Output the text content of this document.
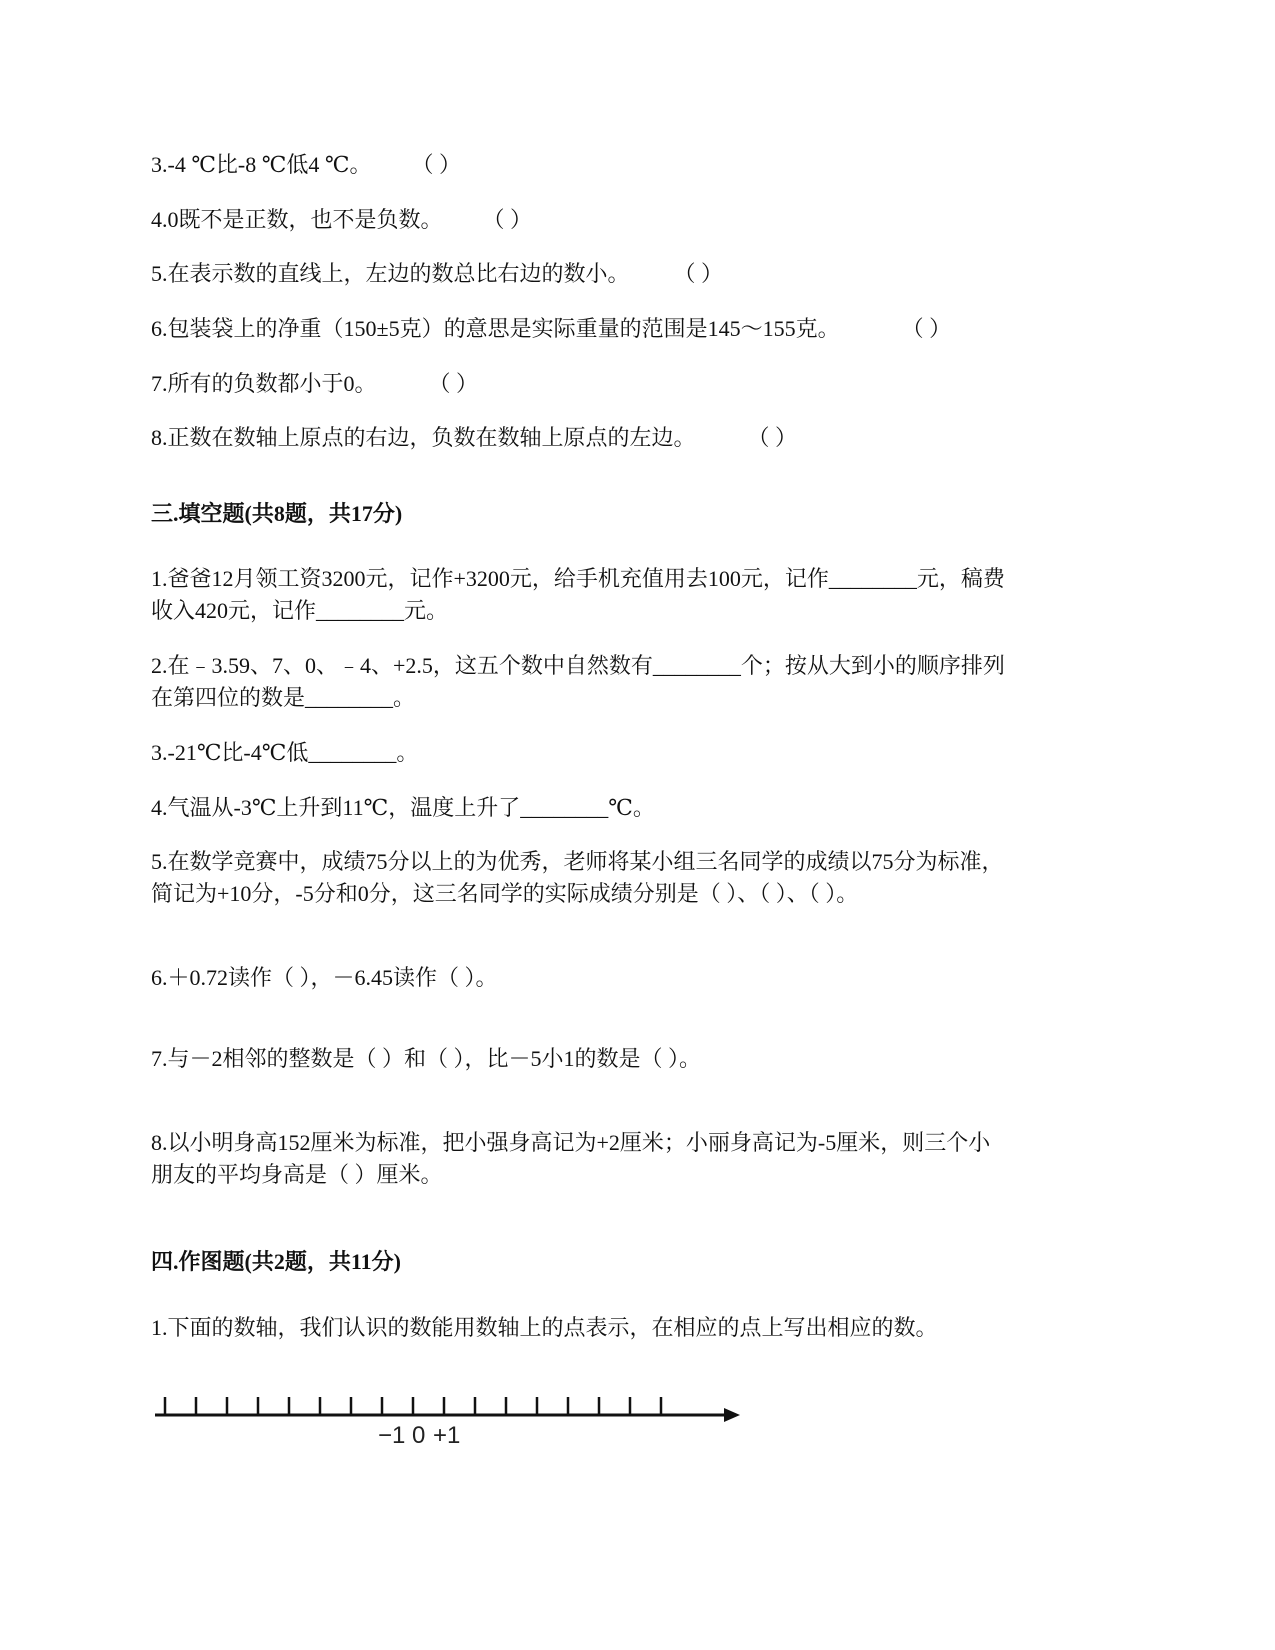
3.-4 ℃比-8 ℃低4 ℃。 （ ）
4.0既不是正数，也不是负数。 （ ）
5.在表示数的直线上，左边的数总比右边的数小。 （ ）
6.包装袋上的净重（150±5克）的意思是实际重量的范围是145～155克。	（ ）
7.所有的负数都小于0。 （ ）
8.正数在数轴上原点的右边，负数在数轴上原点的左边。 （ ）
三.填空题(共8题，共17分)
1.爸爸12月领工资3200元，记作+3200元，给手机充值用去100元，记作________元，稿费
收入420元，记作________元。
2.在﹣3.59、7、0、﹣4、+2.5，这五个数中自然数有________个；按从大到小的顺序排列
在第四位的数是________。
3.-21℃比-4℃低________。
4.气温从-3℃上升到11℃，温度上升了________℃。
5.在数学竞赛中，成绩75分以上的为优秀，老师将某小组三名同学的成绩以75分为标准，
简记为+10分，-5分和0分，这三名同学的实际成绩分别是（ ）、（ ）、（ ）。
6.＋0.72读作（ ），－6.45读作（ ）。
7.与－2相邻的整数是（ ）和（ ），比－5小1的数是（ ）。
8.以小明身高152厘米为标准，把小强身高记为+2厘米；小丽身高记为-5厘米，则三个小
朋友的平均身高是（ ）厘米。
四.作图题(共2题，共11分)
1.下面的数轴，我们认识的数能用数轴上的点表示，在相应的点上写出相应的数。
−1 0 +1
